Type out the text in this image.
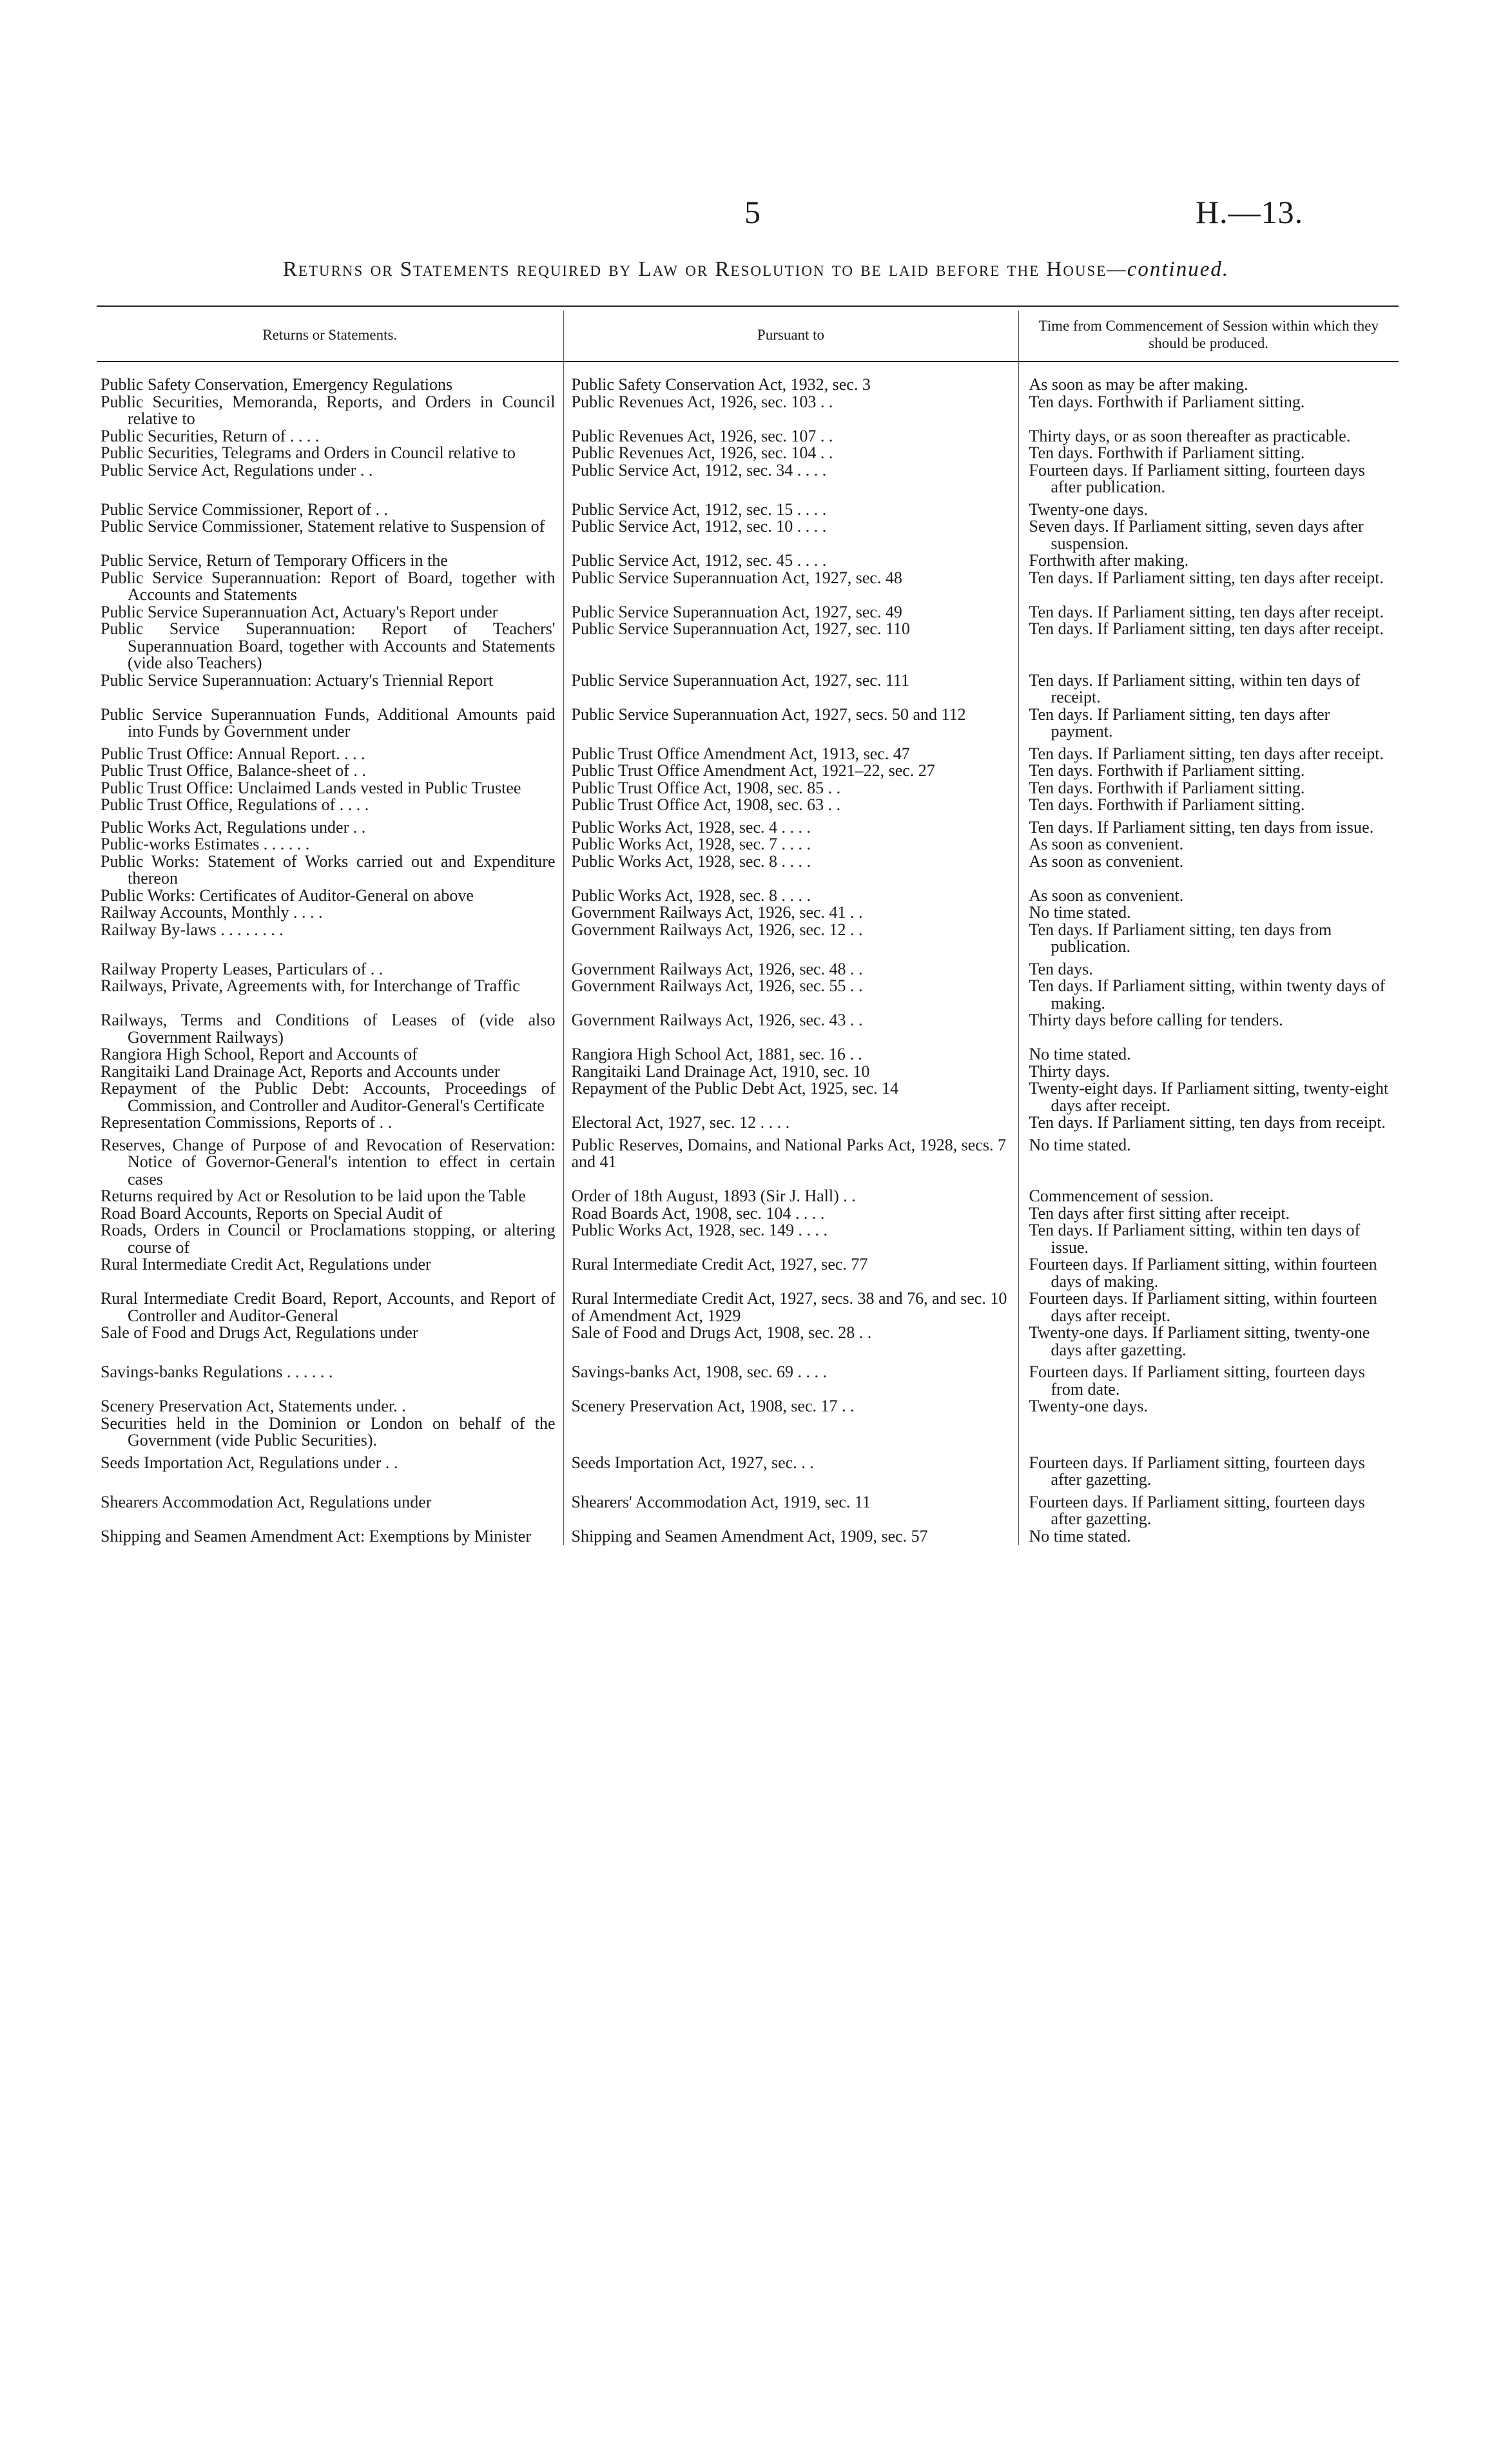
5	H.—13.
Returns or Statements required by Law or Resolution to be laid before the House—continued.
Returns or Statements.	Pursuant to	Time from Commencement of Session within which they should be produced.
Public Safety Conservation, Emergency Regulations	Public Safety Conservation Act, 1932, sec. 3	As soon as may be after making.
Public Securities, Memoranda, Reports, and Orders in Council relative to	Public Revenues Act, 1926, sec. 103 . .	Ten days. Forthwith if Parliament sitting.
Public Securities, Return of . . . .	Public Revenues Act, 1926, sec. 107 . .	Thirty days, or as soon thereafter as practicable.
Public Securities, Telegrams and Orders in Council relative to	Public Revenues Act, 1926, sec. 104 . .	Ten days. Forthwith if Parliament sitting.
Public Service Act, Regulations under . .	Public Service Act, 1912, sec. 34 . . . .	Fourteen days. If Parliament sitting, fourteen days after publication.
Public Service Commissioner, Report of . .	Public Service Act, 1912, sec. 15 . . . .	Twenty-one days.
Public Service Commissioner, Statement relative to Suspension of	Public Service Act, 1912, sec. 10 . . . .	Seven days. If Parliament sitting, seven days after suspension.
Public Service, Return of Temporary Officers in the	Public Service Act, 1912, sec. 45 . . . .	Forthwith after making.
Public Service Superannuation: Report of Board, together with Accounts and Statements	Public Service Superannuation Act, 1927, sec. 48	Ten days. If Parliament sitting, ten days after receipt.
Public Service Superannuation Act, Actuary's Report under	Public Service Superannuation Act, 1927, sec. 49	Ten days. If Parliament sitting, ten days after receipt.
Public Service Superannuation: Report of Teachers' Superannuation Board, together with Accounts and Statements (vide also Teachers)	Public Service Superannuation Act, 1927, sec. 110	Ten days. If Parliament sitting, ten days after receipt.
Public Service Superannuation: Actuary's Triennial Report	Public Service Superannuation Act, 1927, sec. 111	Ten days. If Parliament sitting, within ten days of receipt.
Public Service Superannuation Funds, Additional Amounts paid into Funds by Government under	Public Service Superannuation Act, 1927, secs. 50 and 112	Ten days. If Parliament sitting, ten days after payment.
Public Trust Office: Annual Report. . . .	Public Trust Office Amendment Act, 1913, sec. 47	Ten days. If Parliament sitting, ten days after receipt.
Public Trust Office, Balance-sheet of . .	Public Trust Office Amendment Act, 1921–22, sec. 27	Ten days. Forthwith if Parliament sitting.
Public Trust Office: Unclaimed Lands vested in Public Trustee	Public Trust Office Act, 1908, sec. 85 . .	Ten days. Forthwith if Parliament sitting.
Public Trust Office, Regulations of . . . .	Public Trust Office Act, 1908, sec. 63 . .	Ten days. Forthwith if Parliament sitting.
Public Works Act, Regulations under . .	Public Works Act, 1928, sec. 4 . . . .	Ten days. If Parliament sitting, ten days from issue.
Public-works Estimates . . . . . .	Public Works Act, 1928, sec. 7 . . . .	As soon as convenient.
Public Works: Statement of Works carried out and Expenditure thereon	Public Works Act, 1928, sec. 8 . . . .	As soon as convenient.
Public Works: Certificates of Auditor-General on above	Public Works Act, 1928, sec. 8 . . . .	As soon as convenient.
Railway Accounts, Monthly . . . .	Government Railways Act, 1926, sec. 41 . .	No time stated.
Railway By-laws . . . . . . . .	Government Railways Act, 1926, sec. 12 . .	Ten days. If Parliament sitting, ten days from publication.
Railway Property Leases, Particulars of . .	Government Railways Act, 1926, sec. 48 . .	Ten days.
Railways, Private, Agreements with, for Interchange of Traffic	Government Railways Act, 1926, sec. 55 . .	Ten days. If Parliament sitting, within twenty days of making.
Railways, Terms and Conditions of Leases of (vide also Government Railways)	Government Railways Act, 1926, sec. 43 . .	Thirty days before calling for tenders.
Rangiora High School, Report and Accounts of	Rangiora High School Act, 1881, sec. 16 . .	No time stated.
Rangitaiki Land Drainage Act, Reports and Accounts under	Rangitaiki Land Drainage Act, 1910, sec. 10	Thirty days.
Repayment of the Public Debt: Accounts, Proceedings of Commission, and Controller and Auditor-General's Certificate	Repayment of the Public Debt Act, 1925, sec. 14	Twenty-eight days. If Parliament sitting, twenty-eight days after receipt.
Representation Commissions, Reports of . .	Electoral Act, 1927, sec. 12 . . . .	Ten days. If Parliament sitting, ten days from receipt.
Reserves, Change of Purpose of and Revocation of Reservation: Notice of Governor-General's intention to effect in certain cases	Public Reserves, Domains, and National Parks Act, 1928, secs. 7 and 41	No time stated.
Returns required by Act or Resolution to be laid upon the Table	Order of 18th August, 1893 (Sir J. Hall) . .	Commencement of session.
Road Board Accounts, Reports on Special Audit of	Road Boards Act, 1908, sec. 104 . . . .	Ten days after first sitting after receipt.
Roads, Orders in Council or Proclamations stopping, or altering course of	Public Works Act, 1928, sec. 149 . . . .	Ten days. If Parliament sitting, within ten days of issue.
Rural Intermediate Credit Act, Regulations under	Rural Intermediate Credit Act, 1927, sec. 77	Fourteen days. If Parliament sitting, within fourteen days of making.
Rural Intermediate Credit Board, Report, Accounts, and Report of Controller and Auditor-General	Rural Intermediate Credit Act, 1927, secs. 38 and 76, and sec. 10 of Amendment Act, 1929	Fourteen days. If Parliament sitting, within fourteen days after receipt.
Sale of Food and Drugs Act, Regulations under	Sale of Food and Drugs Act, 1908, sec. 28 . .	Twenty-one days. If Parliament sitting, twenty-one days after gazetting.
Savings-banks Regulations . . . . . .	Savings-banks Act, 1908, sec. 69 . . . .	Fourteen days. If Parliament sitting, fourteen days from date.
Scenery Preservation Act, Statements under. .	Scenery Preservation Act, 1908, sec. 17 . .	Twenty-one days.
Securities held in the Dominion or London on behalf of the Government (vide Public Securities).		
Seeds Importation Act, Regulations under . .	Seeds Importation Act, 1927, sec. . .	Fourteen days. If Parliament sitting, fourteen days after gazetting.
Shearers Accommodation Act, Regulations under	Shearers' Accommodation Act, 1919, sec. 11	Fourteen days. If Parliament sitting, fourteen days after gazetting.
Shipping and Seamen Amendment Act: Exemptions by Minister	Shipping and Seamen Amendment Act, 1909, sec. 57	No time stated.
